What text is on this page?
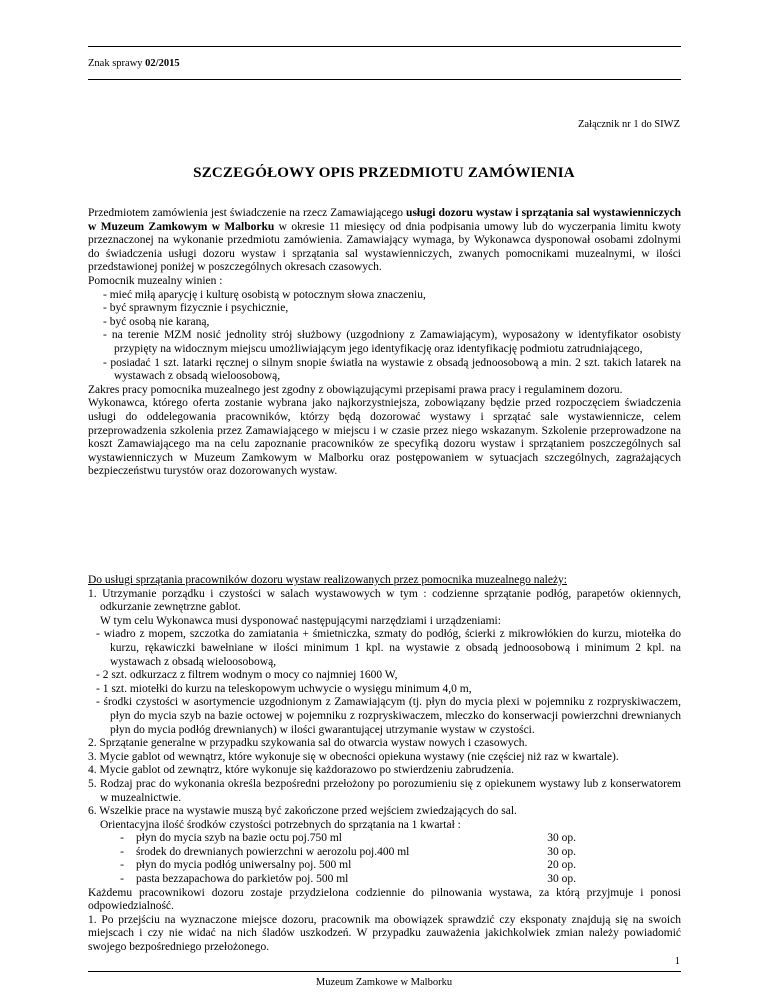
Znak sprawy 02/2015
Załącznik nr 1 do SIWZ
SZCZEGÓŁOWY OPIS PRZEDMIOTU ZAMÓWIENIA

Przedmiotem zamówienia jest świadczenie na rzecz Zamawiającego usługi dozoru wystaw i sprzątania sal wystawienniczych w Muzeum Zamkowym w Malborku w okresie 11 miesięcy od dnia podpisania umowy lub do wyczerpania limitu kwoty przeznaczonej na wykonanie przedmiotu zamówienia. Zamawiający wymaga, by Wykonawca dysponował osobami zdolnymi do świadczenia usługi dozoru wystaw i sprzątania sal wystawienniczych, zwanych pomocnikami muzealnymi, w ilości przedstawionej poniżej w poszczególnych okresach czasowych.

Pomocnik muzealny winien :

- mieć miłą aparycję i kulturę osobistą w potocznym słowa znaczeniu,
- być sprawnym fizycznie i psychicznie,
- być osobą nie karaną,
- na terenie MZM nosić jednolity strój służbowy (uzgodniony z Zamawiającym), wyposażony w identyfikator osobisty przypięty na widocznym miejscu umożliwiającym jego identyfikację oraz identyfikację podmiotu zatrudniającego,
- posiadać 1 szt. latarki ręcznej o silnym snopie światła na wystawie z obsadą jednoosobową a min. 2 szt. takich latarek na wystawach z obsadą wieloosobową,

Zakres pracy pomocnika muzealnego jest zgodny z obowiązującymi przepisami prawa pracy i regulaminem dozoru.

Wykonawca, którego oferta zostanie wybrana jako najkorzystniejsza, zobowiązany będzie przed rozpoczęciem świadczenia usługi do oddelegowania pracowników, którzy będą dozorować wystawy i sprzątać sale wystawiennicze, celem przeprowadzenia szkolenia przez Zamawiającego w miejscu i w czasie przez niego wskazanym. Szkolenie przeprowadzone na koszt Zamawiającego ma na celu zapoznanie pracowników ze specyfiką dozoru wystaw i sprzątaniem poszczególnych sal wystawienniczych w Muzeum Zamkowym w Malborku oraz postępowaniem w sytuacjach szczególnych, zagrażających bezpieczeństwu turystów oraz dozorowanych wystaw.

Do usługi sprzątania pracowników dozoru wystaw realizowanych przez pomocnika muzealnego należy:

1. Utrzymanie porządku i czystości w salach wystawowych w tym : codzienne sprzątanie podłóg, parapetów okiennych, odkurzanie zewnętrzne gablot.
W tym celu Wykonawca musi dysponować następującymi narzędziami i urządzeniami:
- wiadro z mopem, szczotka do zamiatania + śmietniczka, szmaty do podłóg, ścierki z mikrowłókien do kurzu, miotełka do kurzu, rękawiczki bawełniane w ilości minimum 1 kpl. na wystawie z obsadą jednoosobową i minimum 2 kpl. na wystawach z obsadą wieloosobową,
- 2 szt. odkurzacz z filtrem wodnym o mocy co najmniej 1600 W,
- 1 szt. miotełki do kurzu na teleskopowym uchwycie o wysięgu minimum 4,0 m,
- środki czystości w asortymencie uzgodnionym z Zamawiającym (tj. płyn do mycia plexi w pojemniku z rozpryskiwaczem, płyn do mycia szyb na bazie octowej w pojemniku z rozpryskiwaczem, mleczko do konserwacji powierzchni drewnianych płyn do mycia podłóg drewnianych) w ilości gwarantującej utrzymanie wystaw w czystości.
2. Sprzątanie generalne w przypadku szykowania sal do otwarcia wystaw nowych i czasowych.
3. Mycie gablot od wewnątrz, które wykonuje się w obecności opiekuna wystawy (nie częściej niż raz w kwartale).
4. Mycie gablot od zewnątrz, które wykonuje się każdorazowo po stwierdzeniu zabrudzenia.
5. Rodzaj prac do wykonania określa bezpośredni przełożony po porozumieniu się z opiekunem wystawy lub z konserwatorem w muzealnictwie.
6. Wszelkie prace na wystawie muszą być zakończone przed wejściem zwiedzających do sal.
Orientacyjna ilość środków czystości potrzebnych do sprzątania na 1 kwartał :
-	płyn do mycia szyb na bazie octu poj.750 ml	30 op.
-	środek do drewnianych powierzchni w aerozolu poj.400 ml	30 op.
-	płyn do mycia podłóg uniwersalny poj. 500 ml	20 op.
-	pasta bezzapachowa do parkietów poj. 500 ml	30 op.

Każdemu pracownikowi dozoru zostaje przydzielona codziennie do pilnowania wystawa, za którą przyjmuje i ponosi odpowiedzialność.

1. Po przejściu na wyznaczone miejsce dozoru, pracownik ma obowiązek sprawdzić czy eksponaty znajdują się na swoich miejscach i czy nie widać na nich śladów uszkodzeń. W przypadku zauważenia jakichkolwiek zmian należy powiadomić swojego bezpośredniego przełożonego.

1
Muzeum Zamkowe w Malborku
